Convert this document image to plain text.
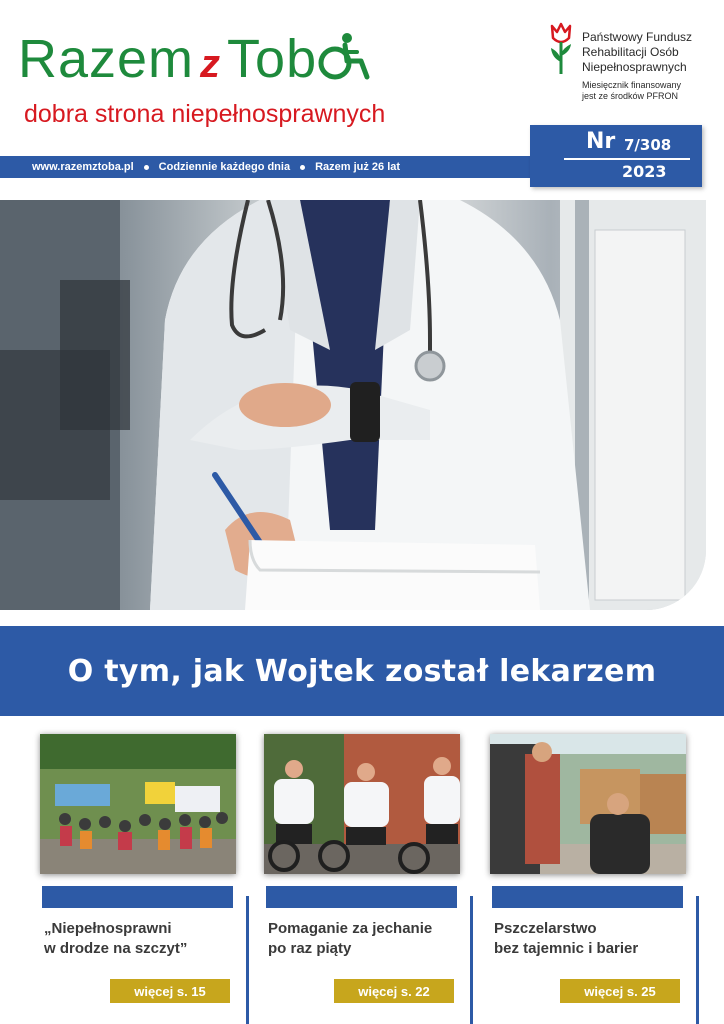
Razem z Tob
dobra strona niepełnosprawnych
Państwowy Fundusz
Rehabilitacji Osób
Niepełnosprawnych
Miesięcznik finansowany
jest ze środków PFRON
www.razemztoba.pl Codziennie każdego dnia Razem już 26 lat
Nr 7/308
2023
O tym, jak Wojtek został lekarzem
„Niepełnosprawni
w drodze na szczyt”
więcej s. 15
Pomaganie za jechanie
po raz piąty
więcej s. 22
Pszczelarstwo
bez tajemnic i barier
więcej s. 25
